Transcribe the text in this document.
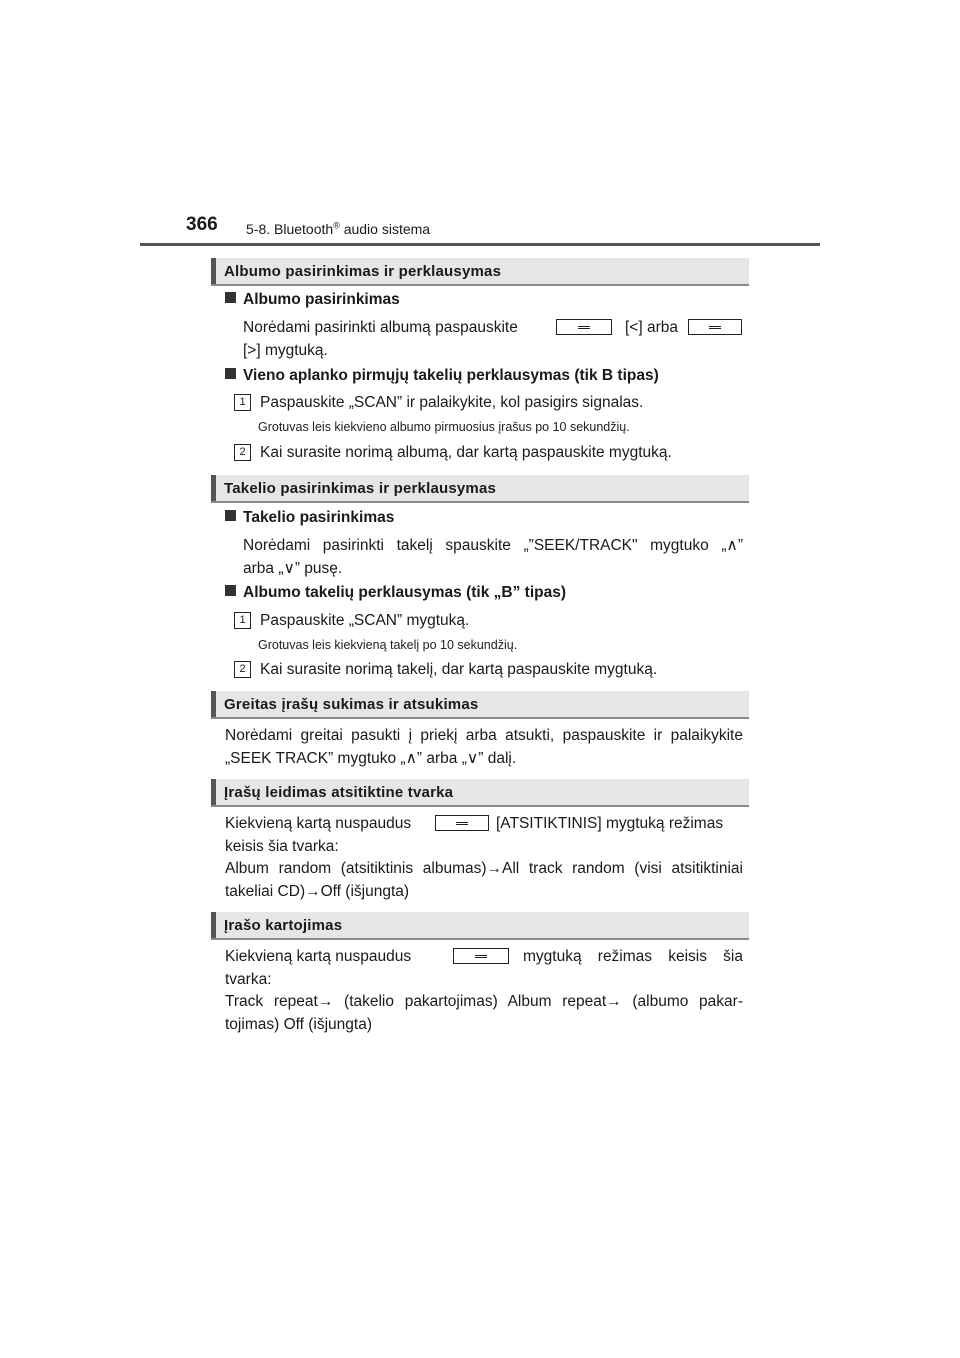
366 5-8. Bluetooth® audio sistema
Albumo pasirinkimas ir perklausymas
Albumo pasirinkimas
Norėdami pasirinkti albumą paspauskite	[<] arba
[>] mygtuką.
Vieno aplanko pirmųjų takelių perklausymas (tik B tipas)
1 Paspauskite „SCAN” ir palaikykite, kol pasigirs signalas.
Grotuvas leis kiekvieno albumo pirmuosius įrašus po 10 sekundžių.
2 Kai surasite norimą albumą, dar kartą paspauskite mygtuką.
Takelio pasirinkimas ir perklausymas
Takelio pasirinkimas
Norėdami pasirinkti takelį spauskite „”SEEK/TRACK" mygtuko „∧”
arba „∨” pusę.
Albumo takelių perklausymas (tik „B” tipas)
1 Paspauskite „SCAN” mygtuką.
Grotuvas leis kiekvieną takelį po 10 sekundžių.
2 Kai surasite norimą takelį, dar kartą paspauskite mygtuką.
Greitas įrašų sukimas ir atsukimas
Norėdami greitai pasukti į priekį arba atsukti, paspauskite ir palaikykite
„SEEK TRACK” mygtuko „∧” arba „∨” dalį.
Įrašų leidimas atsitiktine tvarka
Kiekvieną kartą nuspaudus	[ATSITIKTINIS] mygtuką režimas
keisis šia tvarka:
Album random (atsitiktinis albumas)→All track random (visi atsitiktiniai
takeliai CD)→Off (išjungta)
Įrašo kartojimas
Kiekvieną kartą nuspaudus	mygtuką režimas keisis šia
tvarka:
Track repeat→ (takelio pakartojimas) Album repeat→ (albumo pakar-
tojimas) Off (išjungta)
